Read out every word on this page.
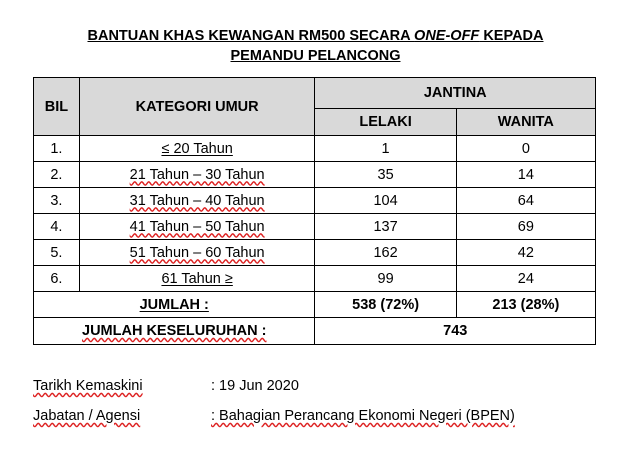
BANTUAN KHAS KEWANGAN RM500 SECARA ONE-OFF KEPADA
PEMANDU PELANCONG
BIL	KATEGORI UMUR	JANTINA	
		LELAKI	WANITA
1.	≤ 20 Tahun	1	0
2.	21 Tahun – 30 Tahun	35	14
3.	31 Tahun – 40 Tahun	104	64
4.	41 Tahun – 50 Tahun	137	69
5.	51 Tahun – 60 Tahun	162	42
6.	61 Tahun ≥	99	24
JUMLAH :		538 (72%)	213 (28%)
JUMLAH KESELURUHAN :		743	
Tarikh Kemaskini	: 19 Jun 2020
Jabatan / Agensi	: Bahagian Perancang Ekonomi Negeri (BPEN)
